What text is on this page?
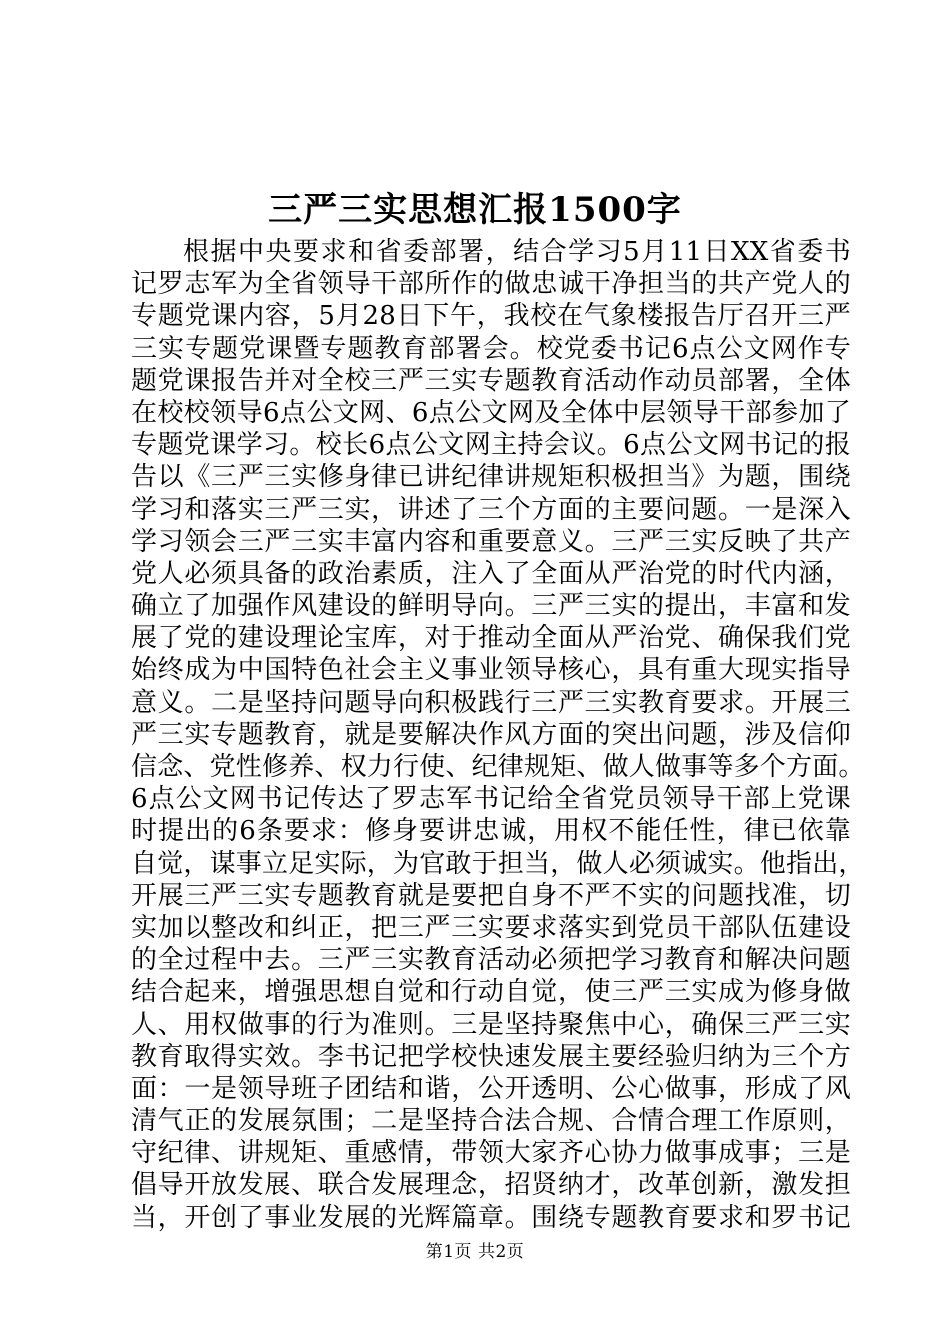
三严三实思想汇报1500字
根据中央要求和省委部署，结合学习5月11日XX省委书
记罗志军为全省领导干部所作的做忠诚干净担当的共产党人的
专题党课内容，5月28日下午，我校在气象楼报告厅召开三严
三实专题党课暨专题教育部署会。校党委书记6点公文网作专
题党课报告并对全校三严三实专题教育活动作动员部署，全体
在校校领导6点公文网、6点公文网及全体中层领导干部参加了
专题党课学习。校长6点公文网主持会议。6点公文网书记的报
告以《三严三实修身律已讲纪律讲规矩积极担当》为题，围绕
学习和落实三严三实，讲述了三个方面的主要问题。一是深入
学习领会三严三实丰富内容和重要意义。三严三实反映了共产
党人必须具备的政治素质，注入了全面从严治党的时代内涵，
确立了加强作风建设的鲜明导向。三严三实的提出，丰富和发
展了党的建设理论宝库，对于推动全面从严治党、确保我们党
始终成为中国特色社会主义事业领导核心，具有重大现实指导
意义。二是坚持问题导向积极践行三严三实教育要求。开展三
严三实专题教育，就是要解决作风方面的突出问题，涉及信仰
信念、党性修养、权力行使、纪律规矩、做人做事等多个方面。
6点公文网书记传达了罗志军书记给全省党员领导干部上党课
时提出的6条要求：修身要讲忠诚，用权不能任性，律已依靠
自觉，谋事立足实际，为官敢于担当，做人必须诚实。他指出，
开展三严三实专题教育就是要把自身不严不实的问题找准，切
实加以整改和纠正，把三严三实要求落实到党员干部队伍建设
的全过程中去。三严三实教育活动必须把学习教育和解决问题
结合起来，增强思想自觉和行动自觉，使三严三实成为修身做
人、用权做事的行为准则。三是坚持聚焦中心，确保三严三实
教育取得实效。李书记把学校快速发展主要经验归纳为三个方
面：一是领导班子团结和谐，公开透明、公心做事，形成了风
清气正的发展氛围；二是坚持合法合规、合情合理工作原则，
守纪律、讲规矩、重感情，带领大家齐心协力做事成事；三是
倡导开放发展、联合发展理念，招贤纳才，改革创新，激发担
当，开创了事业发展的光辉篇章。围绕专题教育要求和罗书记
第1页 共2页
